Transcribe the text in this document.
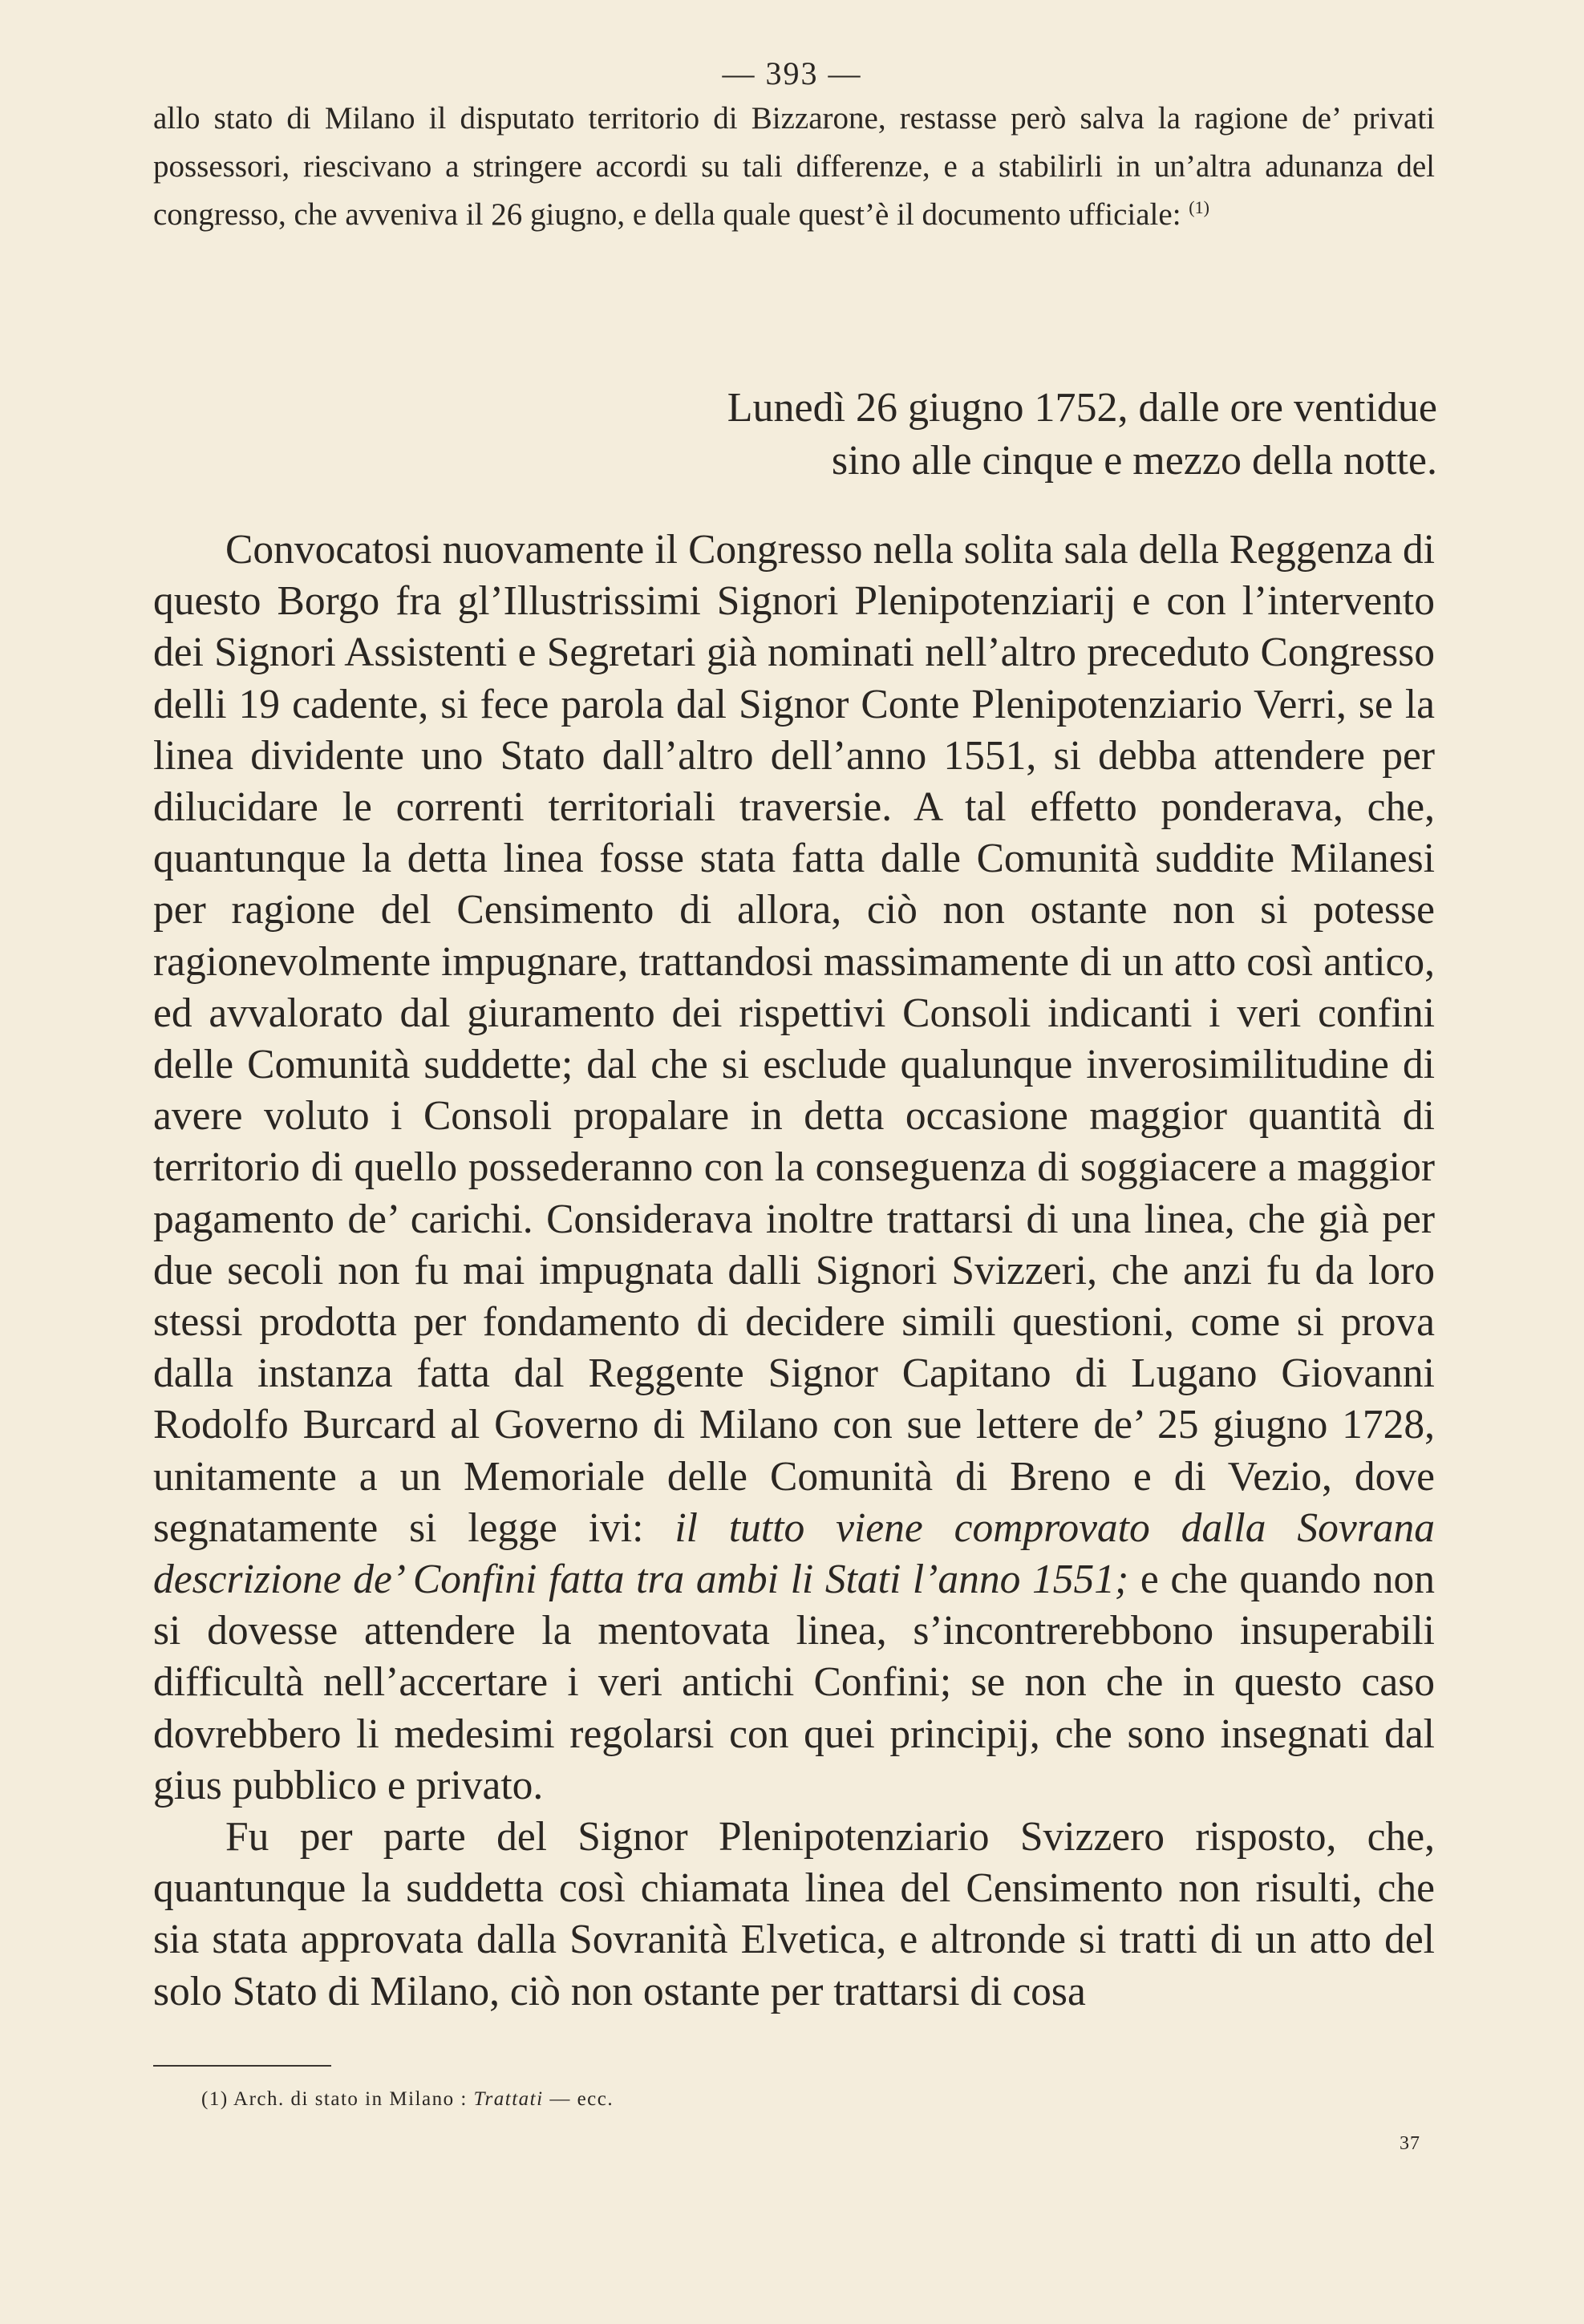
— 393 —

allo stato di Milano il disputato territorio di Bizzarone, restasse però salva la ragione de’ privati possessori, riescivano a stringere accordi su tali differenze, e a stabilirli in un’altra adunanza del congresso, che avveniva il 26 giugno, e della quale quest’è il documento ufficiale: $^{(1)}$

Lunedì 26 giugno 1752, dalle ore ventidue
sino alle cinque e mezzo della notte.

Convocatosi nuovamente il Congresso nella solita sala della Reggenza di questo Borgo fra gl’Illustrissimi Signori Plenipotenziarij e con l’intervento dei Signori Assistenti e Segretari già nominati nell’altro preceduto Congresso delli 19 cadente, si fece parola dal Signor Conte Plenipotenziario Verri, se la linea dividente uno Stato dall’altro dell’anno 1551, si debba attendere per dilucidare le correnti territoriali traversie. A tal effetto ponderava, che, quantunque la detta linea fosse stata fatta dalle Comunità suddite Milanesi per ragione del Censimento di allora, ciò non ostante non si potesse ragionevolmente impugnare, trattandosi massimamente di un atto così antico, ed avvalorato dal giuramento dei rispettivi Consoli indicanti i veri confini delle Comunità suddette; dal che si esclude qualunque inverosimilitudine di avere voluto i Consoli propalare in detta occasione maggior quantità di territorio di quello possederanno con la conseguenza di soggiacere a maggior pagamento de’ carichi. Considerava inoltre trattarsi di una linea, che già per due secoli non fu mai impugnata dalli Signori Svizzeri, che anzi fu da loro stessi prodotta per fondamento di decidere simili questioni, come si prova dalla instanza fatta dal Reggente Signor Capitano di Lugano Giovanni Rodolfo Burcard al Governo di Milano con sue lettere de’ 25 giugno 1728, unitamente a un Memoriale delle Comunità di Breno e di Vezio, dove segnatamente si legge ivi: il tutto viene comprovato dalla Sovrana descrizione de’ Confini fatta tra ambi li Stati l’anno 1551; e che quando non si dovesse attendere la mentovata linea, s’incontrerebbono insuperabili difficultà nell’accertare i veri antichi Confini; se non che in questo caso dovrebbero li medesimi regolarsi con quei principij, che sono insegnati dal gius pubblico e privato.

Fu per parte del Signor Plenipotenziario Svizzero risposto, che, quantunque la suddetta così chiamata linea del Censimento non risulti, che sia stata approvata dalla Sovranità Elvetica, e altronde si tratti di un atto del solo Stato di Milano, ciò non ostante per trattarsi di cosa

(1) Arch. di stato in Milano : Trattati — ecc.
37
